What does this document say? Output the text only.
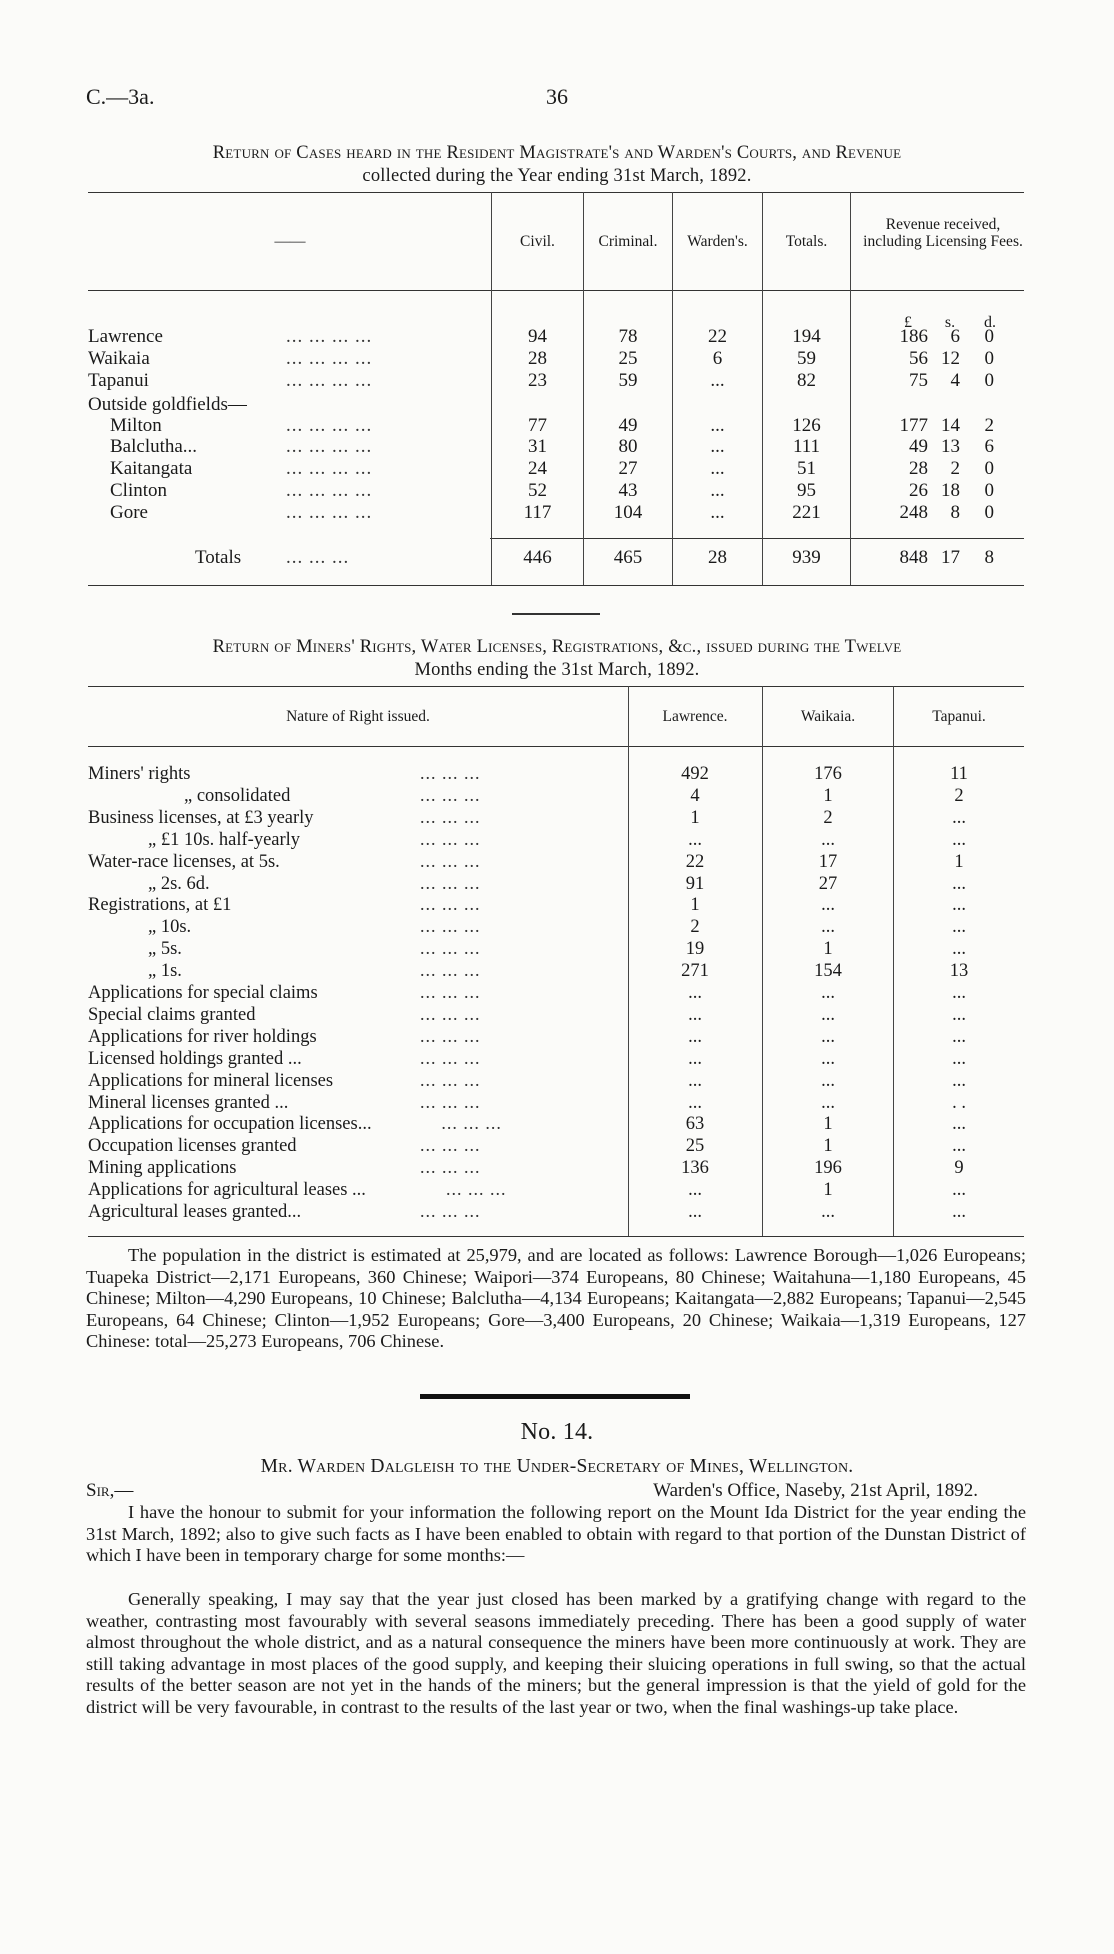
C.—3a.	36
Return of Cases heard in the Resident Magistrate's and Warden's Courts, and Revenue
collected during the Year ending 31st March, 1892.
——	Civil.	Criminal.	Warden's.	Totals.
Revenue received, including Licensing Fees.
£	s.	d.
Lawrence	... ... ... ...	94	78	22	194	186	6	0
Waikaia	... ... ... ...	28	25	6	59	56 12	0
Tapanui	... ... ... ...	23	59	...	82	75	4	0
Outside goldfields—
Milton	... ... ... ...	77	49	...	126	177 14	2
Balclutha...	... ... ... ...	31	80	...	111	49 13	6
Kaitangata	... ... ... ...	24	27	...	51	28	2	0
Clinton	... ... ... ...	52	43	...	95	26 18	0
Gore	... ... ... ...	117	104	...	221	248	8	0
Totals ... ... ...	446	465	28	939	848 17	8
Return of Miners' Rights, Water Licenses, Registrations, &c., issued during the Twelve
Months ending the 31st March, 1892.
Nature of Right issued.	Lawrence.	Waikaia.	Tapanui.
Miners' rights	... ... ...	492	176	11
„ consolidated	... ... ...	4	1	2
Business licenses, at £3 yearly	... ... ...	1	2	...
„ £1 10s. half-yearly	... ... ...	...	...	...
Water-race licenses, at 5s.	... ... ...	22	17	1
„ 2s. 6d.	... ... ...	91	27	...
Registrations, at £1	... ... ...	1	...	...
„ 10s.	... ... ...	2	...	...
„ 5s.	... ... ...	19	1	...
„ 1s.	... ... ...	271	154	13
Applications for special claims	... ... ...	...	...	...
Special claims granted	... ... ...	...	...	...
Applications for river holdings	... ... ...	...	...	...
Licensed holdings granted ...	... ... ...	...	...	...
Applications for mineral licenses	... ... ...	...	...	...
Mineral licenses granted ...	... ... ...	...	...	. .
Applications for occupation licenses...	... ... ...	63	1	...
Occupation licenses granted	... ... ...	25	1	...
Mining applications	... ... ...	136	196	9
Applications for agricultural leases ...	... ... ...	...	1	...
Agricultural leases granted...	... ... ...	...	...	...
The population in the district is estimated at 25,979, and are located as follows: Lawrence Borough—1,026 Europeans; Tuapeka District—2,171 Europeans, 360 Chinese; Waipori—374 Europeans, 80 Chinese; Waitahuna—1,180 Europeans, 45 Chinese; Milton—4,290 Europeans, 10 Chinese; Balclutha—4,134 Europeans; Kaitangata—2,882 Europeans; Tapanui—2,545 Europeans, 64 Chinese; Clinton—1,952 Europeans; Gore—3,400 Europeans, 20 Chinese; Waikaia—1,319 Europeans, 127 Chinese: total—25,273 Europeans, 706 Chinese.
No. 14.
Mr. Warden Dalgleish to the Under-Secretary of Mines, Wellington.
Sir,—	Warden's Office, Naseby, 21st April, 1892.
I have the honour to submit for your information the following report on the Mount Ida District for the year ending the 31st March, 1892; also to give such facts as I have been enabled to obtain with regard to that portion of the Dunstan District of which I have been in temporary charge for some months:—
Generally speaking, I may say that the year just closed has been marked by a gratifying change with regard to the weather, contrasting most favourably with several seasons immediately preceding. There has been a good supply of water almost throughout the whole district, and as a natural consequence the miners have been more continuously at work. They are still taking advantage in most places of the good supply, and keeping their sluicing operations in full swing, so that the actual results of the better season are not yet in the hands of the miners; but the general impression is that the yield of gold for the district will be very favourable, in contrast to the results of the last year or two, when the final washings-up take place.
